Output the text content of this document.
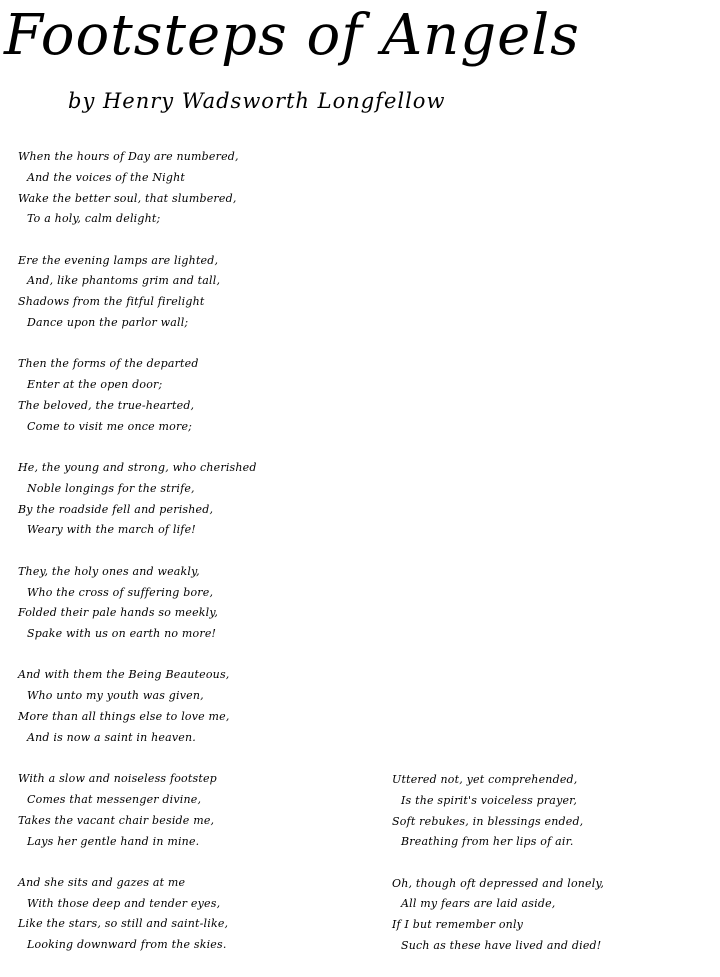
Footsteps of Angels
by Henry Wadsworth Longfellow
When the hours of Day are numbered,
And the voices of the Night
Wake the better soul, that slumbered,
To a holy, calm delight;
Ere the evening lamps are lighted,
And, like phantoms grim and tall,
Shadows from the fitful firelight
Dance upon the parlor wall;
Then the forms of the departed
Enter at the open door;
The beloved, the true-hearted,
Come to visit me once more;
He, the young and strong, who cherished
Noble longings for the strife,
By the roadside fell and perished,
Weary with the march of life!
They, the holy ones and weakly,
Who the cross of suffering bore,
Folded their pale hands so meekly,
Spake with us on earth no more!
And with them the Being Beauteous,
Who unto my youth was given,
More than all things else to love me,
And is now a saint in heaven.
With a slow and noiseless footstep
Comes that messenger divine,
Takes the vacant chair beside me,
Lays her gentle hand in mine.
And she sits and gazes at me
With those deep and tender eyes,
Like the stars, so still and saint-like,
Looking downward from the skies.
Uttered not, yet comprehended,
Is the spirit's voiceless prayer,
Soft rebukes, in blessings ended,
Breathing from her lips of air.
Oh, though oft depressed and lonely,
All my fears are laid aside,
If I but remember only
Such as these have lived and died!
